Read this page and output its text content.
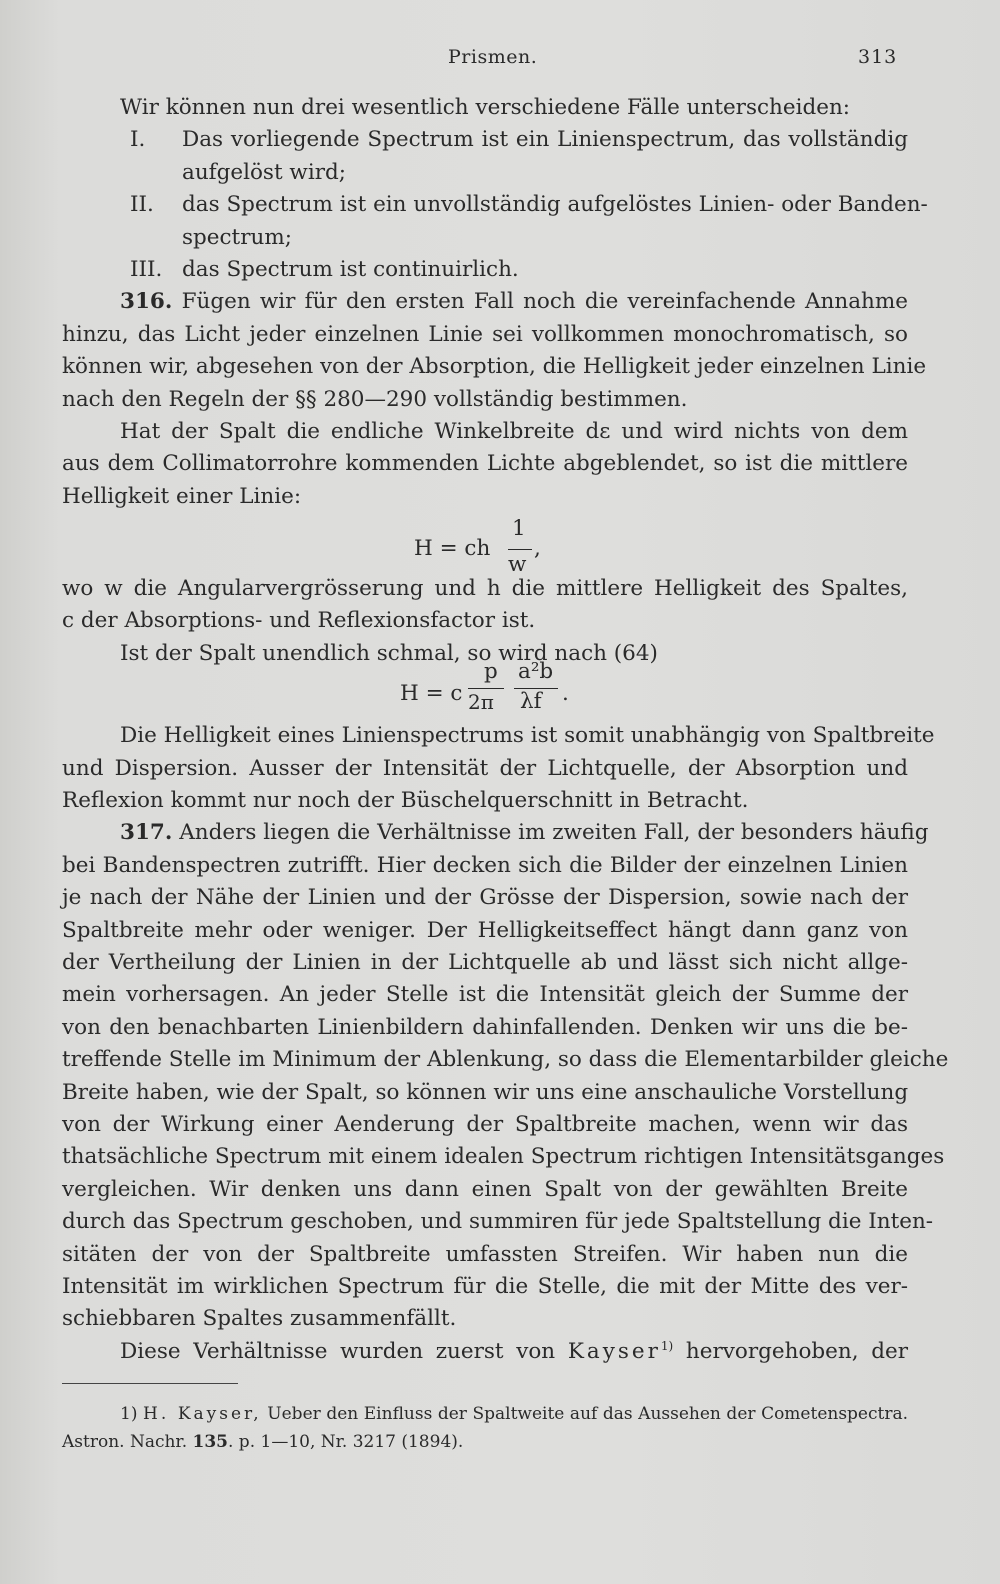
Prismen.	313
Wir können nun drei wesentlich verschiedene Fälle unterscheiden:
I.	Das vorliegende Spectrum ist ein Linienspectrum, das vollständig
aufgelöst wird;
II.	das Spectrum ist ein unvollständig aufgelöstes Linien- oder Banden-
spectrum;
III. das Spectrum ist continuirlich.
316. Fügen wir für den ersten Fall noch die vereinfachende Annahme
hinzu, das Licht jeder einzelnen Linie sei vollkommen monochromatisch, so
können wir, abgesehen von der Absorption, die Helligkeit jeder einzelnen Linie
nach den Regeln der §§ 280—290 vollständig bestimmen.
Hat der Spalt die endliche Winkelbreite dε und wird nichts von dem
aus dem Collimatorrohre kommenden Lichte abgeblendet, so ist die mittlere
Helligkeit einer Linie:
H = ch
1
w
,
wo w die Angularvergrösserung und h die mittlere Helligkeit des Spaltes,
c der Absorptions- und Reflexionsfactor ist.
Ist der Spalt unendlich schmal, so wird nach (64)
H = c
p
2π
a²b
λf .
Die Helligkeit eines Linienspectrums ist somit unabhängig von Spaltbreite
und Dispersion. Ausser der Intensität der Lichtquelle, der Absorption und
Reflexion kommt nur noch der Büschelquerschnitt in Betracht.
317. Anders liegen die Verhältnisse im zweiten Fall, der besonders häufig
bei Bandenspectren zutrifft. Hier decken sich die Bilder der einzelnen Linien
je nach der Nähe der Linien und der Grösse der Dispersion, sowie nach der
Spaltbreite mehr oder weniger. Der Helligkeitseffect hängt dann ganz von
der Vertheilung der Linien in der Lichtquelle ab und lässt sich nicht allge-
mein vorhersagen. An jeder Stelle ist die Intensität gleich der Summe der
von den benachbarten Linienbildern dahinfallenden. Denken wir uns die be-
treffende Stelle im Minimum der Ablenkung, so dass die Elementarbilder gleiche
Breite haben, wie der Spalt, so können wir uns eine anschauliche Vorstellung
von der Wirkung einer Aenderung der Spaltbreite machen, wenn wir das
thatsächliche Spectrum mit einem idealen Spectrum richtigen Intensitätsganges
vergleichen. Wir denken uns dann einen Spalt von der gewählten Breite
durch das Spectrum geschoben, und summiren für jede Spaltstellung die Inten-
sitäten der von der Spaltbreite umfassten Streifen. Wir haben nun die
Intensität im wirklichen Spectrum für die Stelle, die mit der Mitte des ver-
schiebbaren Spaltes zusammenfällt.
Diese Verhältnisse wurden zuerst von Kayser$^{1)}$ hervorgehoben, der
1) H. Kayser, Ueber den Einfluss der Spaltweite auf das Aussehen der Cometenspectra.
Astron. Nachr. 135. p. 1—10, Nr. 3217 (1894).
